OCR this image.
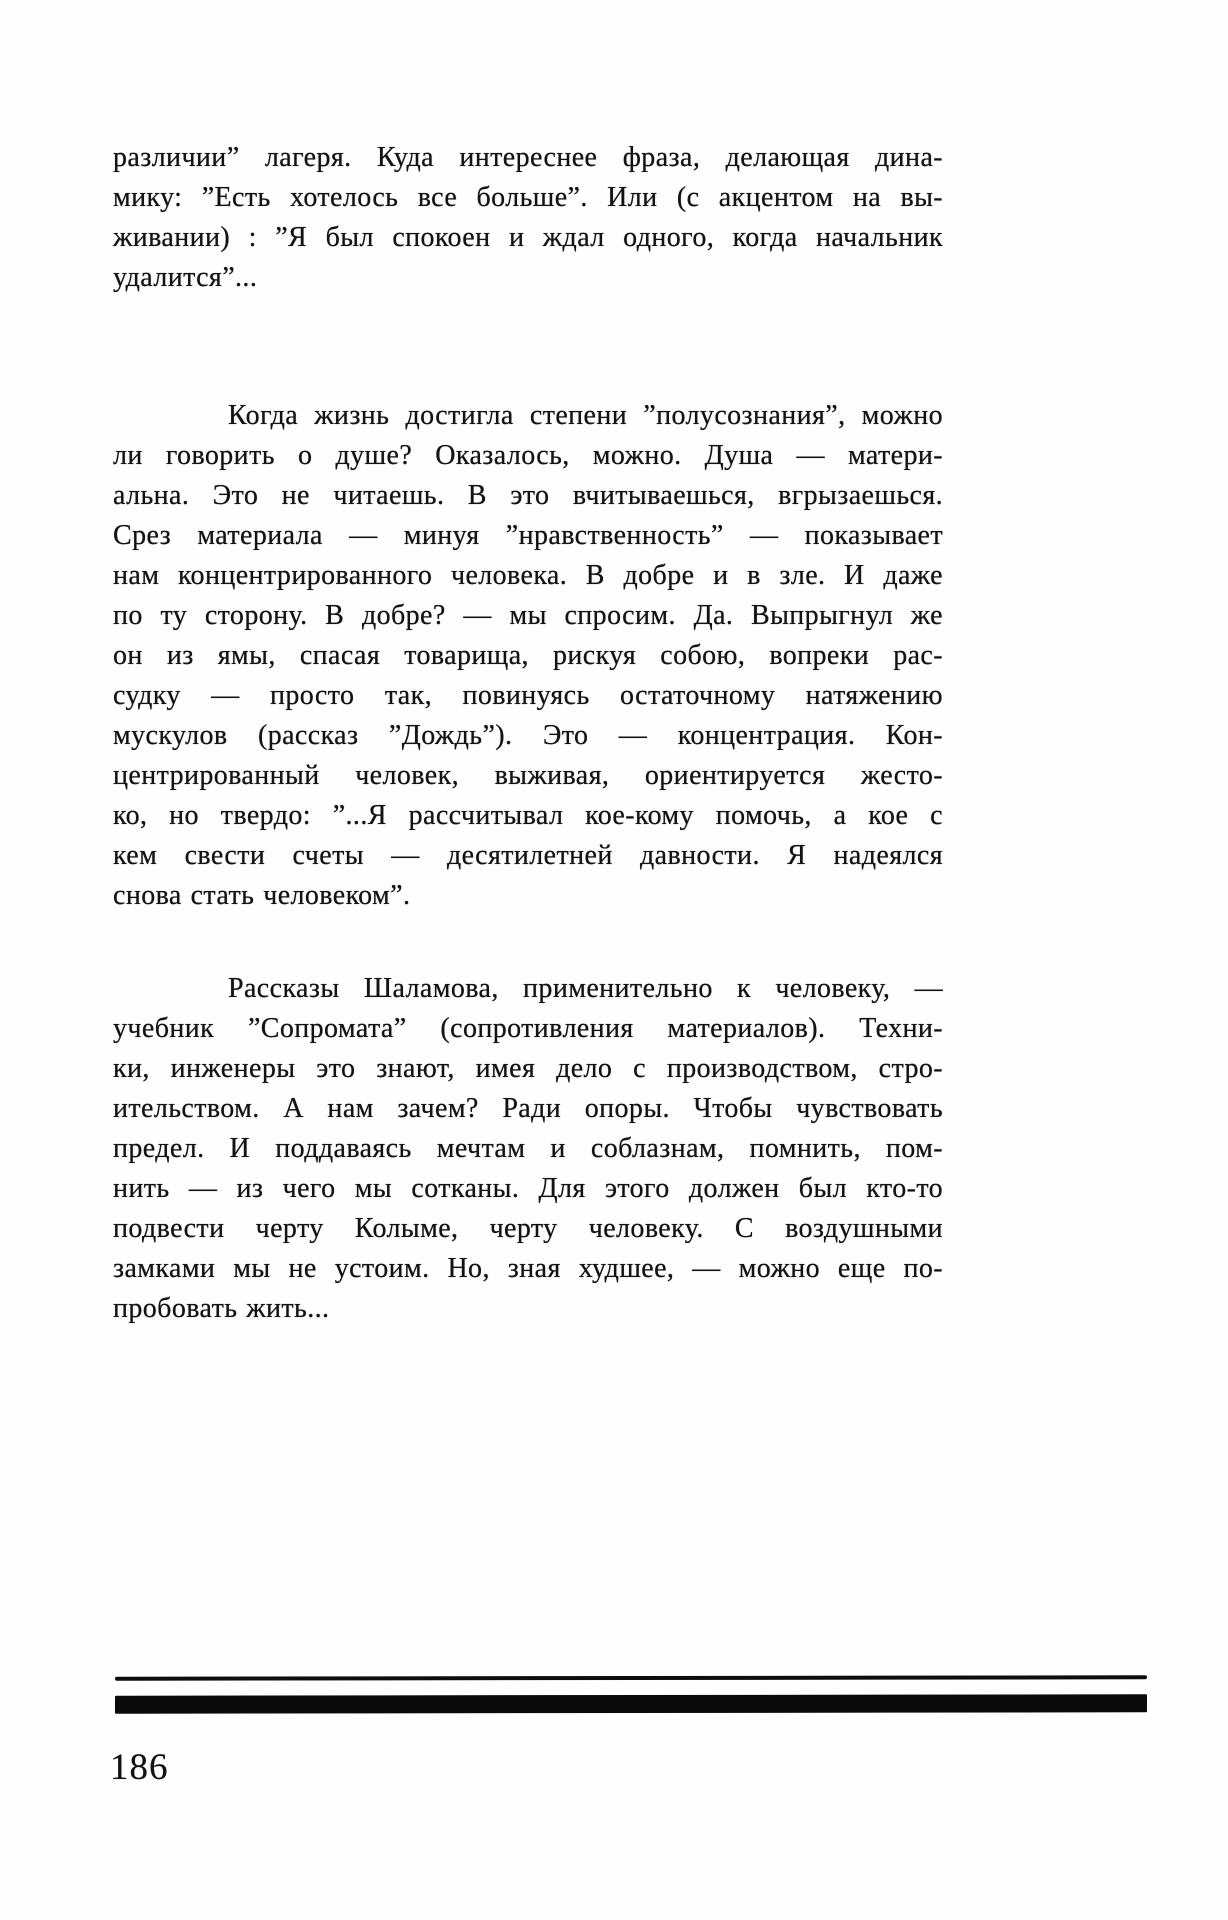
различии” лагеря. Куда интереснее фраза, делающая дина-
мику: ”Есть хотелось все больше”. Или (с акцентом на вы-
живании) : ”Я был спокоен и ждал одного, когда начальник
удалится”...
Когда жизнь достигла степени ”полусознания”, можно
ли говорить о душе? Оказалось, можно. Душа — матери-
альна. Это не читаешь. В это вчитываешься, вгрызаешься.
Срез материала — минуя ”нравственность” — показывает
нам концентрированного человека. В добре и в зле. И даже
по ту сторону. В добре? — мы спросим. Да. Выпрыгнул же
он из ямы, спасая товарища, рискуя собою, вопреки рас-
судку — просто так, повинуясь остаточному натяжению
мускулов (рассказ ”Дождь”). Это — концентрация. Кон-
центрированный человек, выживая, ориентируется жесто-
ко, но твердо: ”...Я рассчитывал кое-кому помочь, а кое с
кем свести счеты — десятилетней давности. Я надеялся
снова стать человеком”.
Рассказы Шаламова, применительно к человеку, —
учебник ”Сопромата” (сопротивления материалов). Техни-
ки, инженеры это знают, имея дело с производством, стро-
ительством. А нам зачем? Ради опоры. Чтобы чувствовать
предел. И поддаваясь мечтам и соблазнам, помнить, пом-
нить — из чего мы сотканы. Для этого должен был кто-то
подвести черту Колыме, черту человеку. С воздушными
замками мы не устоим. Но, зная худшее, — можно еще по-
пробовать жить...
186
